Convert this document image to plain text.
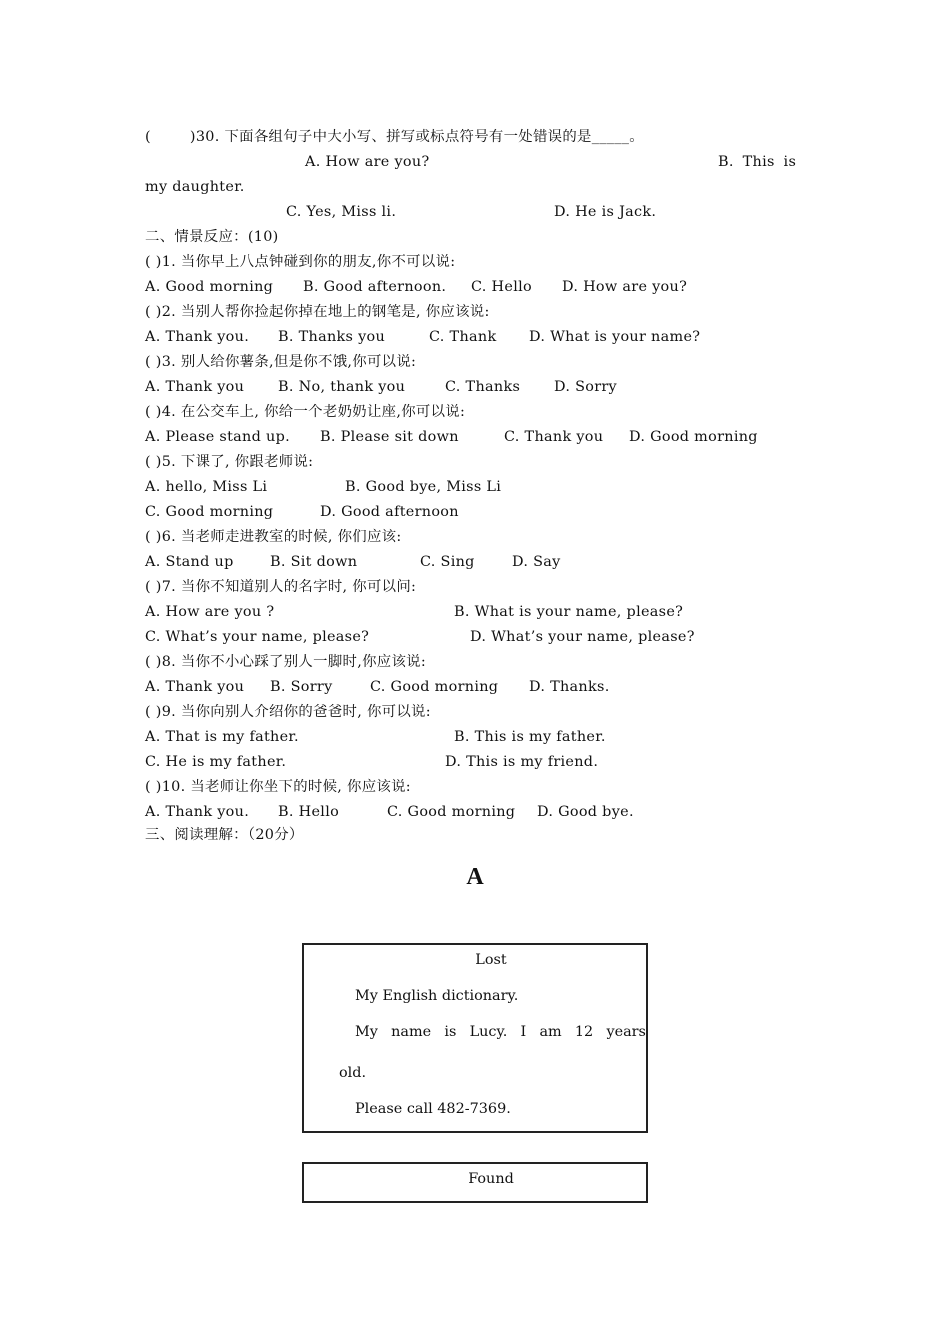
(        )30. 下面各组句子中大小写、拼写或标点符号有一处错误的是_____。
A. How are you?	B. This is
my daughter.
C. Yes, Miss li.	D. He is Jack.
二、情景反应：(10)
( )1. 当你早上八点钟碰到你的朋友,你不可以说:

A. Good morning

B. Good afternoon.

C. Hello

D. How are you?

( )2. 当别人帮你捡起你掉在地上的钢笔是, 你应该说:

A. Thank you.

B. Thanks you

	C. Thank

D. What is your name?

( )3. 别人给你薯条,但是你不饿,你可以说:

A. Thank you

B. No, thank you

	C. Thanks

D. Sorry

( )4. 在公交车上, 你给一个老奶奶让座,你可以说:

A. Please stand up.

B. Please sit down

	C. Thank you

D. Good morning

( )5. 下课了, 你跟老师说:

A. hello, Miss Li

	B. Good bye, Miss Li

C. Good morning

	D. Good afternoon

( )6. 当老师走进教室的时候, 你们应该:

A. Stand up

	B. Sit down

	C. Sing

	D. Say

( )7. 当你不知道别人的名字时, 你可以问:

A. How are you ?

	B. What is your name, please?

C. What’s your name, please?

	D. What’s your name, please?

( )8. 当你不小心踩了别人一脚时,你应该说:

A. Thank you

B. Sorry

	C. Good morning

D. Thanks.

( )9. 当你向别人介绍你的爸爸时, 你可以说:

A. That is my father.

	B. This is my father.

C. He is my father.

	D. This is my friend.

( )10. 当老师让你坐下的时候, 你应该说:

A. Thank you.

B. Hello

	C. Good morning

D. Good bye.

三、阅读理解：（20分）
A
Lost
My English dictionary.
My name is Lucy. I am 12 years
old.
Please call 482-7369.
Found
